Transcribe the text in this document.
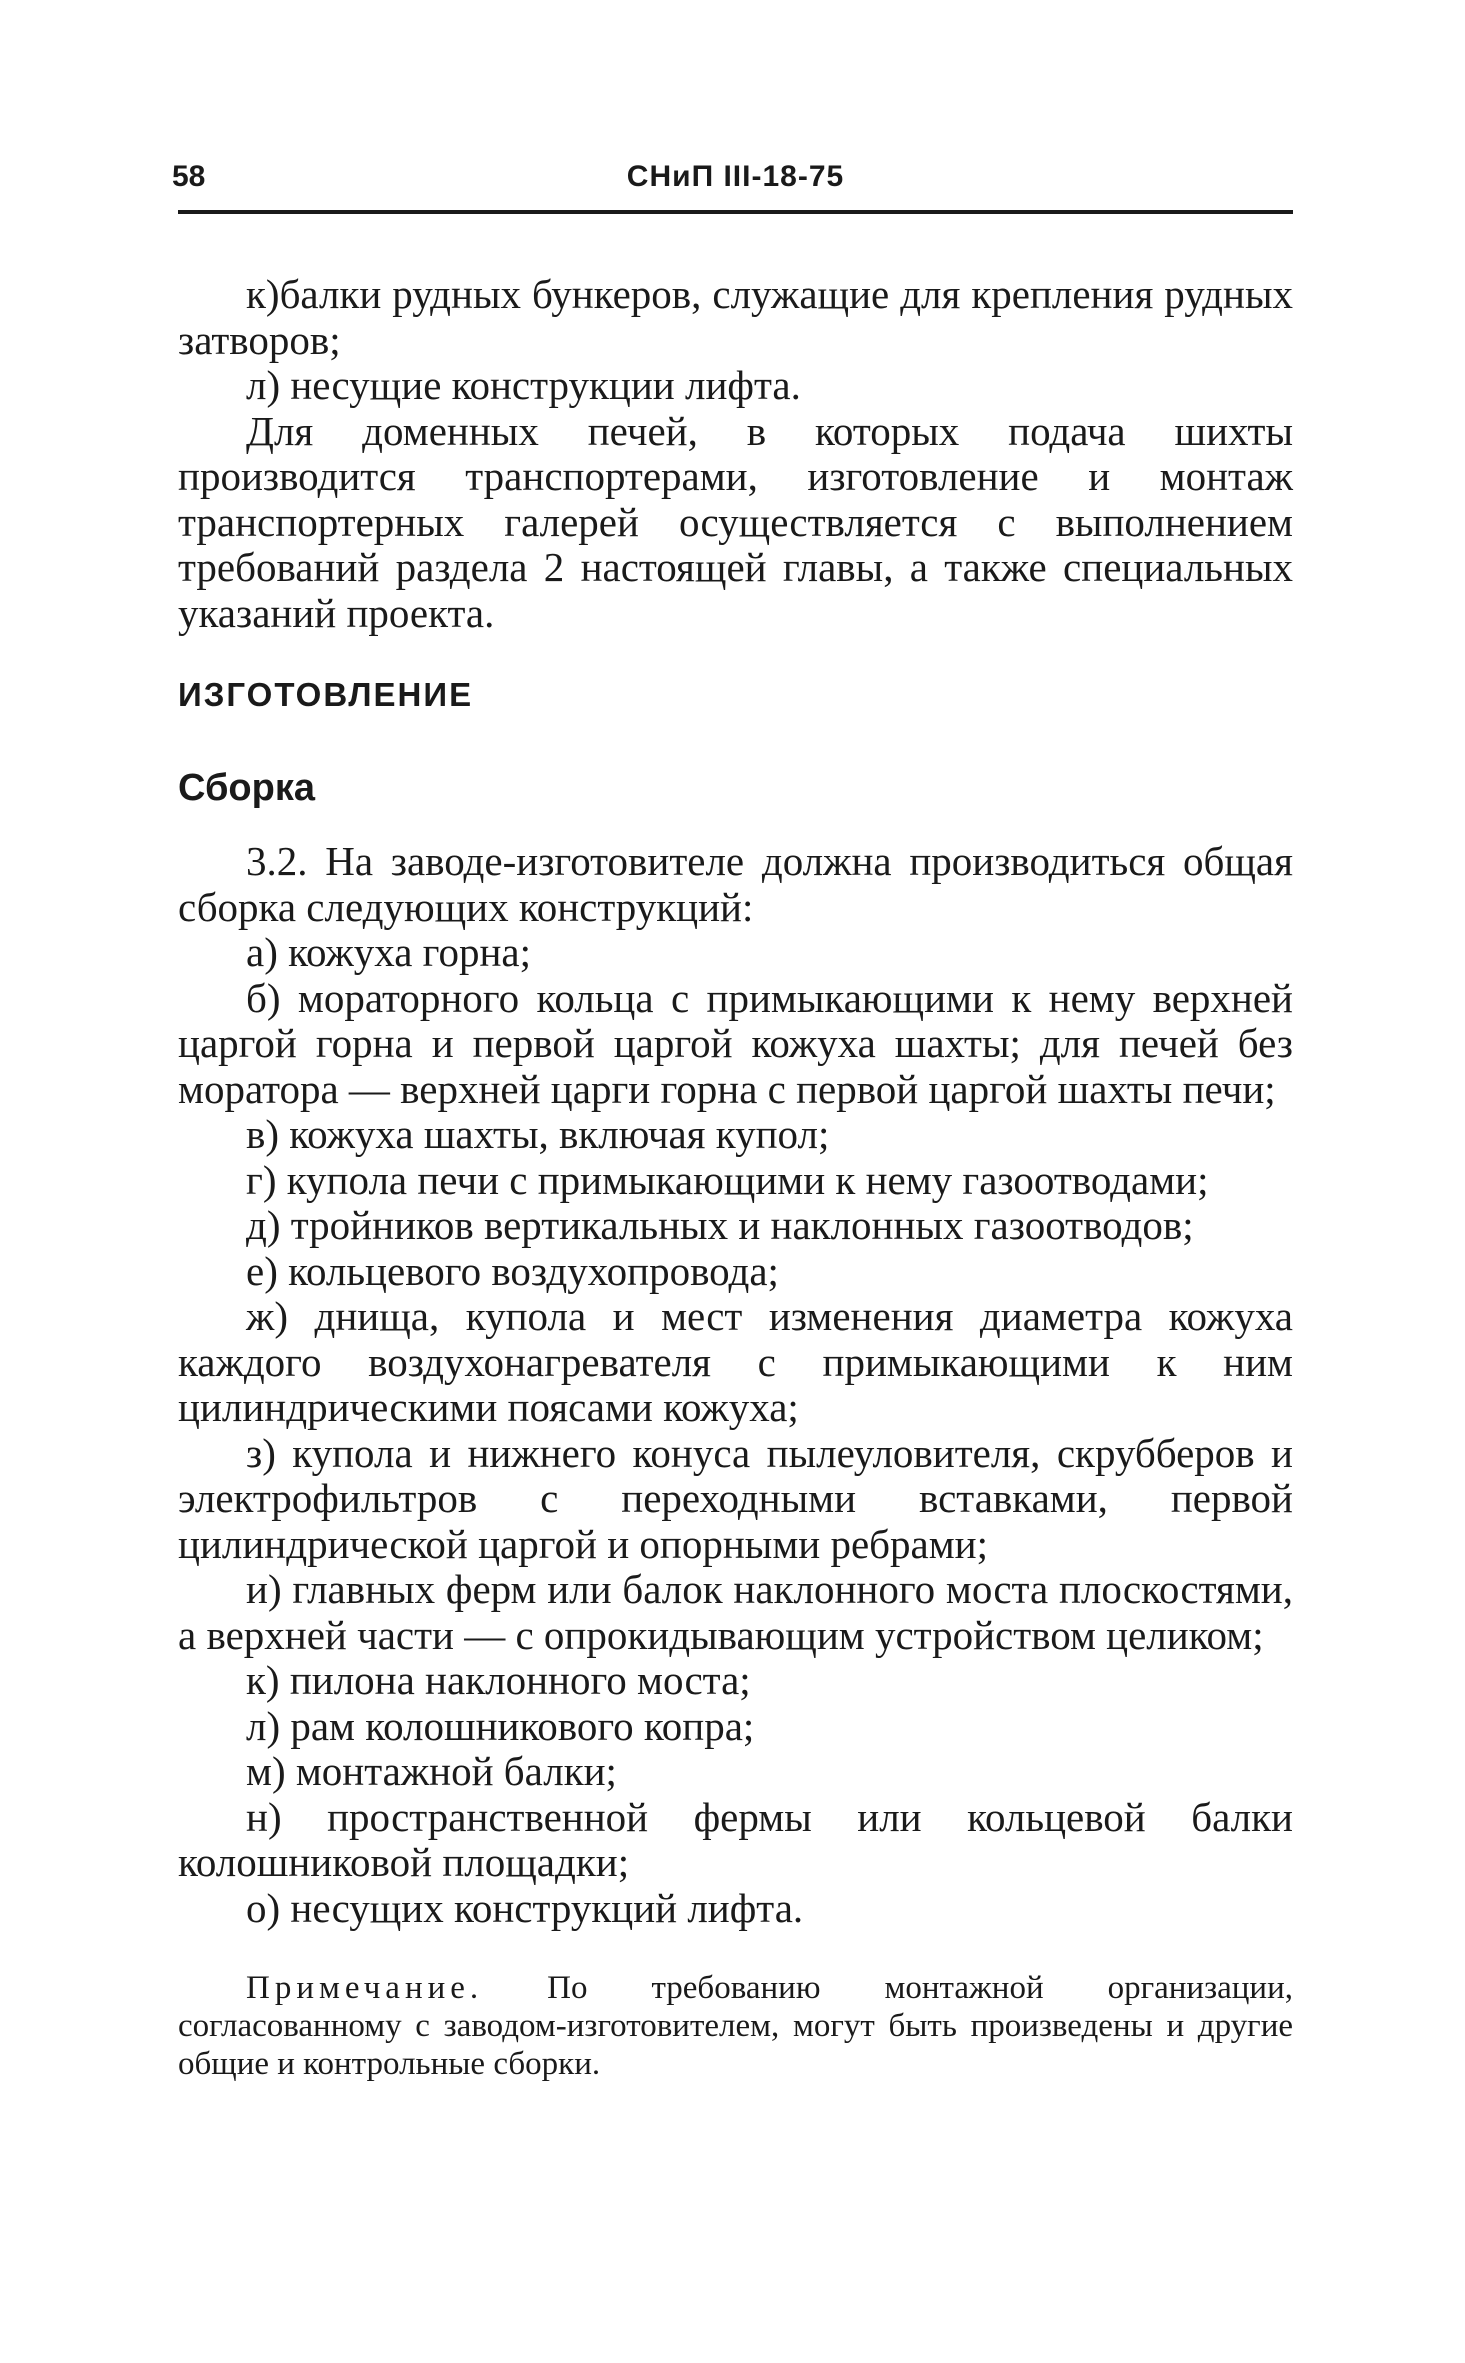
58	СНиП III-18-75

к)балки рудных бункеров, служащие для крепления рудных затворов;

л) несущие конструкции лифта.

Для доменных печей, в которых подача шихты производится транспортерами, изготовление и монтаж транспортерных галерей осуществляется с выполнением требований раздела 2 настоящей главы, а также специальных указаний проекта.

ИЗГОТОВЛЕНИЕ
Сборка

3.2. На заводе-изготовителе должна производиться общая сборка следующих конструкций:

а) кожуха горна;

б) мораторного кольца с примыкающими к нему верхней царгой горна и первой царгой кожуха шахты; для печей без моратора — верхней царги горна с первой царгой шахты печи;

в) кожуха шахты, включая купол;

г) купола печи с примыкающими к нему газоотводами;

д) тройников вертикальных и наклонных газоотводов;

е) кольцевого воздухопровода;

ж) днища, купола и мест изменения диаметра кожуха каждого воздухонагревателя с примыкающими к ним цилиндрическими поясами кожуха;

з) купола и нижнего конуса пылеуловителя, скрубберов и электрофильтров с переходными вставками, первой цилиндрической царгой и опорными ребрами;

и) главных ферм или балок наклонного моста плоскостями, а верхней части — с опрокидывающим устройством целиком;

к) пилона наклонного моста;

л) рам колошникового копра;

м) монтажной балки;

н) пространственной фермы или кольцевой балки колошниковой площадки;

о) несущих конструкций лифта.

Примечание. По требованию монтажной организации, согласованному с заводом-изготовителем, могут быть произведены и другие общие и контрольные сборки.
